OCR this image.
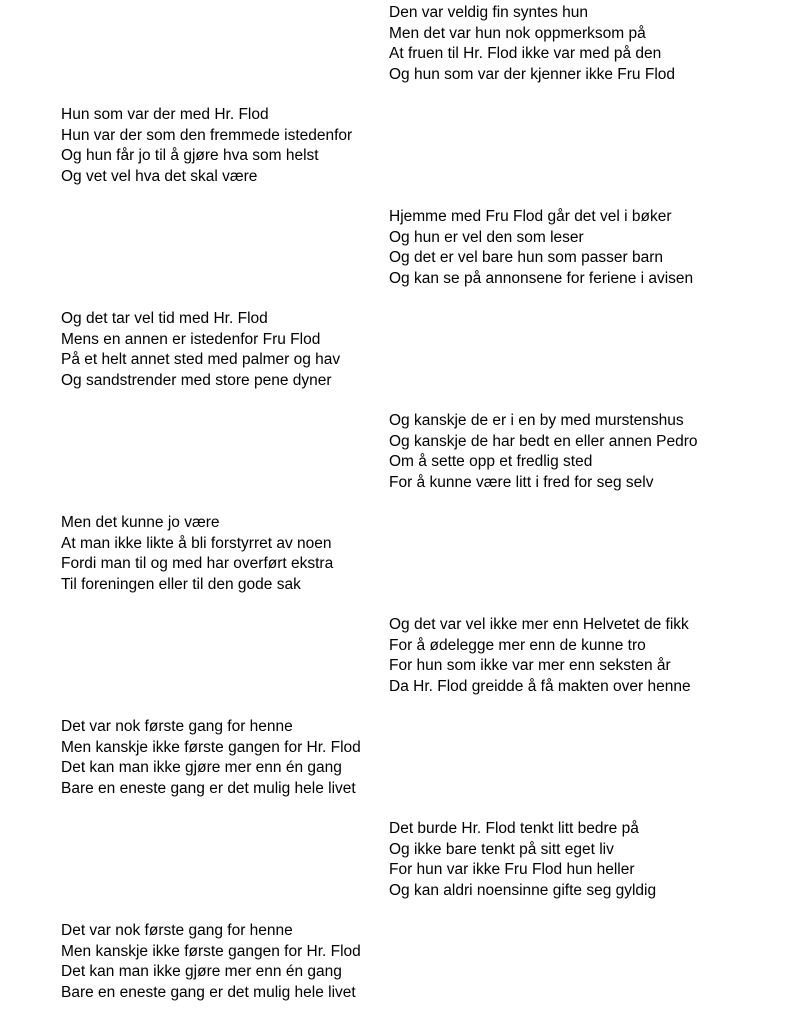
Den var veldig fin syntes hun
Men det var hun nok oppmerksom på
At fruen til Hr. Flod ikke var med på den
Og hun som var der kjenner ikke Fru Flod
Hun som var der med Hr. Flod
Hun var der som den fremmede istedenfor
Og hun får jo til å gjøre hva som helst
Og vet vel hva det skal være
Hjemme med Fru Flod går det vel i bøker
Og hun er vel den som leser
Og det er vel bare hun som passer barn
Og kan se på annonsene for feriene i avisen
Og det tar vel tid med Hr. Flod
Mens en annen er istedenfor Fru Flod
På et helt annet sted med palmer og hav
Og sandstrender med store pene dyner
Og kanskje de er i en by med murstenshus
Og kanskje de har bedt en eller annen Pedro
Om å sette opp et fredlig sted
For å kunne være litt i fred for seg selv
Men det kunne jo være
At man ikke likte å bli forstyrret av noen
Fordi man til og med har overført ekstra
Til foreningen eller til den gode sak
Og det var vel ikke mer enn Helvetet de fikk
For å ødelegge mer enn de kunne tro
For hun som ikke var mer enn seksten år
Da Hr. Flod greidde å få makten over henne
Det var nok første gang for henne
Men kanskje ikke første gangen for Hr. Flod
Det kan man ikke gjøre mer enn én gang
Bare en eneste gang er det mulig hele livet
Det burde Hr. Flod tenkt litt bedre på
Og ikke bare tenkt på sitt eget liv
For hun var ikke Fru Flod hun heller
Og kan aldri noensinne gifte seg gyldig
Det var nok første gang for henne
Men kanskje ikke første gangen for Hr. Flod
Det kan man ikke gjøre mer enn én gang
Bare en eneste gang er det mulig hele livet
